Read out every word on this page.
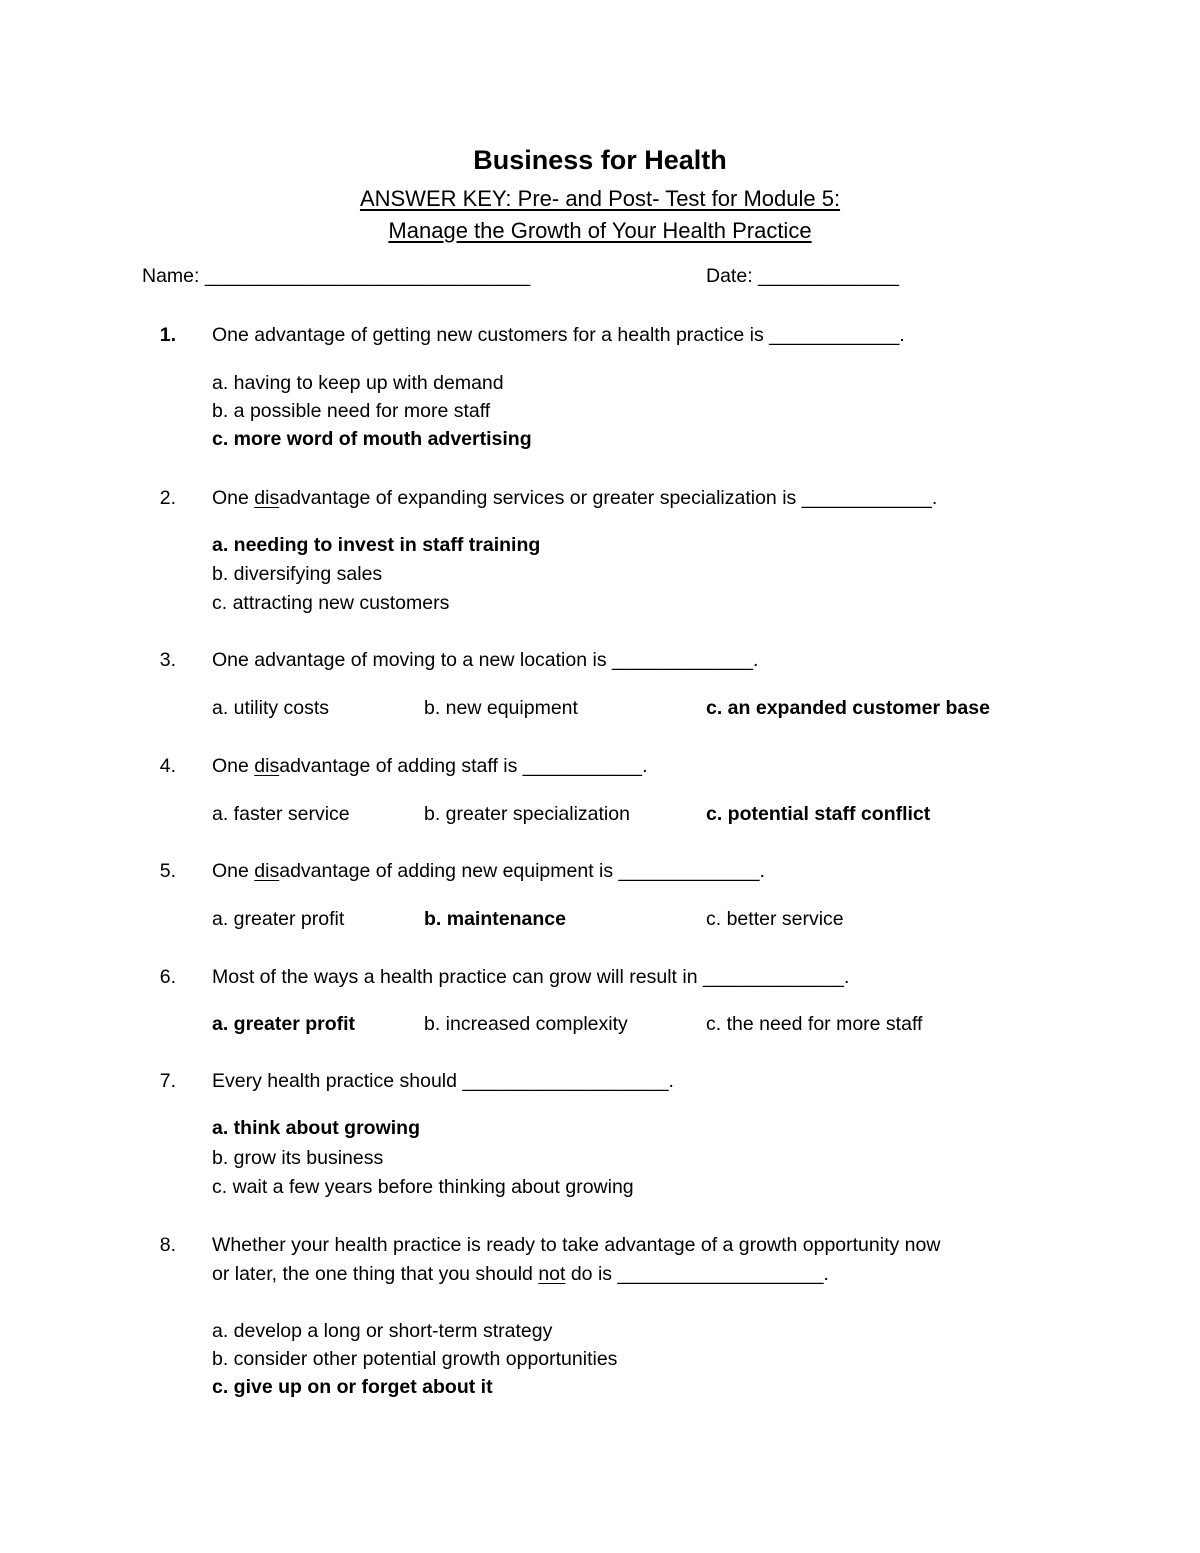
Business for Health
ANSWER KEY: Pre- and Post- Test for Module 5:
Manage the Growth of Your Health Practice
Name: ______________________________	Date: _____________
1. One advantage of getting new customers for a health practice is ____________.
a. having to keep up with demand
b. a possible need for more staff
c. more word of mouth advertising
2. One disadvantage of expanding services or greater specialization is ____________.
a. needing to invest in staff training
b. diversifying sales
c. attracting new customers
3. One advantage of moving to a new location is _____________.
a. utility costs	b. new equipment	c. an expanded customer base
4. One disadvantage of adding staff is ___________.
a. faster service	b. greater specialization	c. potential staff conflict
5. One disadvantage of adding new equipment is _____________.
a. greater profit	b. maintenance	c. better service
6. Most of the ways a health practice can grow will result in _____________.
a. greater profit	b. increased complexity	c. the need for more staff
7. Every health practice should ___________________.
a. think about growing
b. grow its business
c. wait a few years before thinking about growing
8. Whether your health practice is ready to take advantage of a growth opportunity now
or later, the one thing that you should not do is ___________________.
a. develop a long or short-term strategy
b. consider other potential growth opportunities
c. give up on or forget about it
